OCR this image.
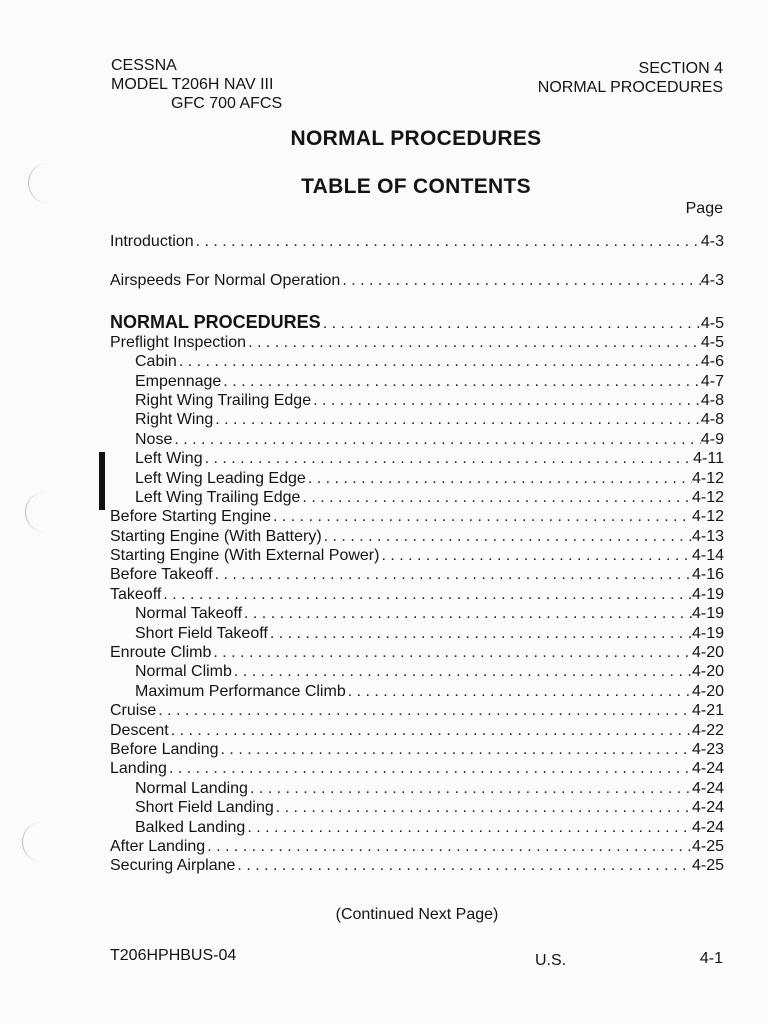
CESSNA
MODEL T206H NAV III
GFC 700 AFCS
SECTION 4
NORMAL PROCEDURES
NORMAL PROCEDURES
TABLE OF CONTENTS
Page
Introduction . . .	4-3
Airspeeds For Normal Operation . . .	4-3
NORMAL PROCEDURES . . .	4-5
Preflight Inspection . . .	4-5
Cabin . . .	4-6
Empennage . . .	4-7
Right Wing Trailing Edge . . .	4-8
Right Wing . . .	4-8
Nose . . .	4-9
Left Wing . . .	4-11
Left Wing Leading Edge . . .	4-12
Left Wing Trailing Edge . . .	4-12
Before Starting Engine . . .	4-12
Starting Engine (With Battery) . . .	4-13
Starting Engine (With External Power) . . .	4-14
Before Takeoff . . .	4-16
Takeoff . . .	4-19
Normal Takeoff . . .	4-19
Short Field Takeoff . . .	4-19
Enroute Climb . . .	4-20
Normal Climb . . .	4-20
Maximum Performance Climb . . .	4-20
Cruise . . .	4-21
Descent . . .	4-22
Before Landing . . .	4-23
Landing . . .	4-24
Normal Landing . . .	4-24
Short Field Landing . . .	4-24
Balked Landing . . .	4-24
After Landing . . .	4-25
Securing Airplane . . .	4-25
(Continued Next Page)
T206HPHBUS-04	U.S.	4-1
